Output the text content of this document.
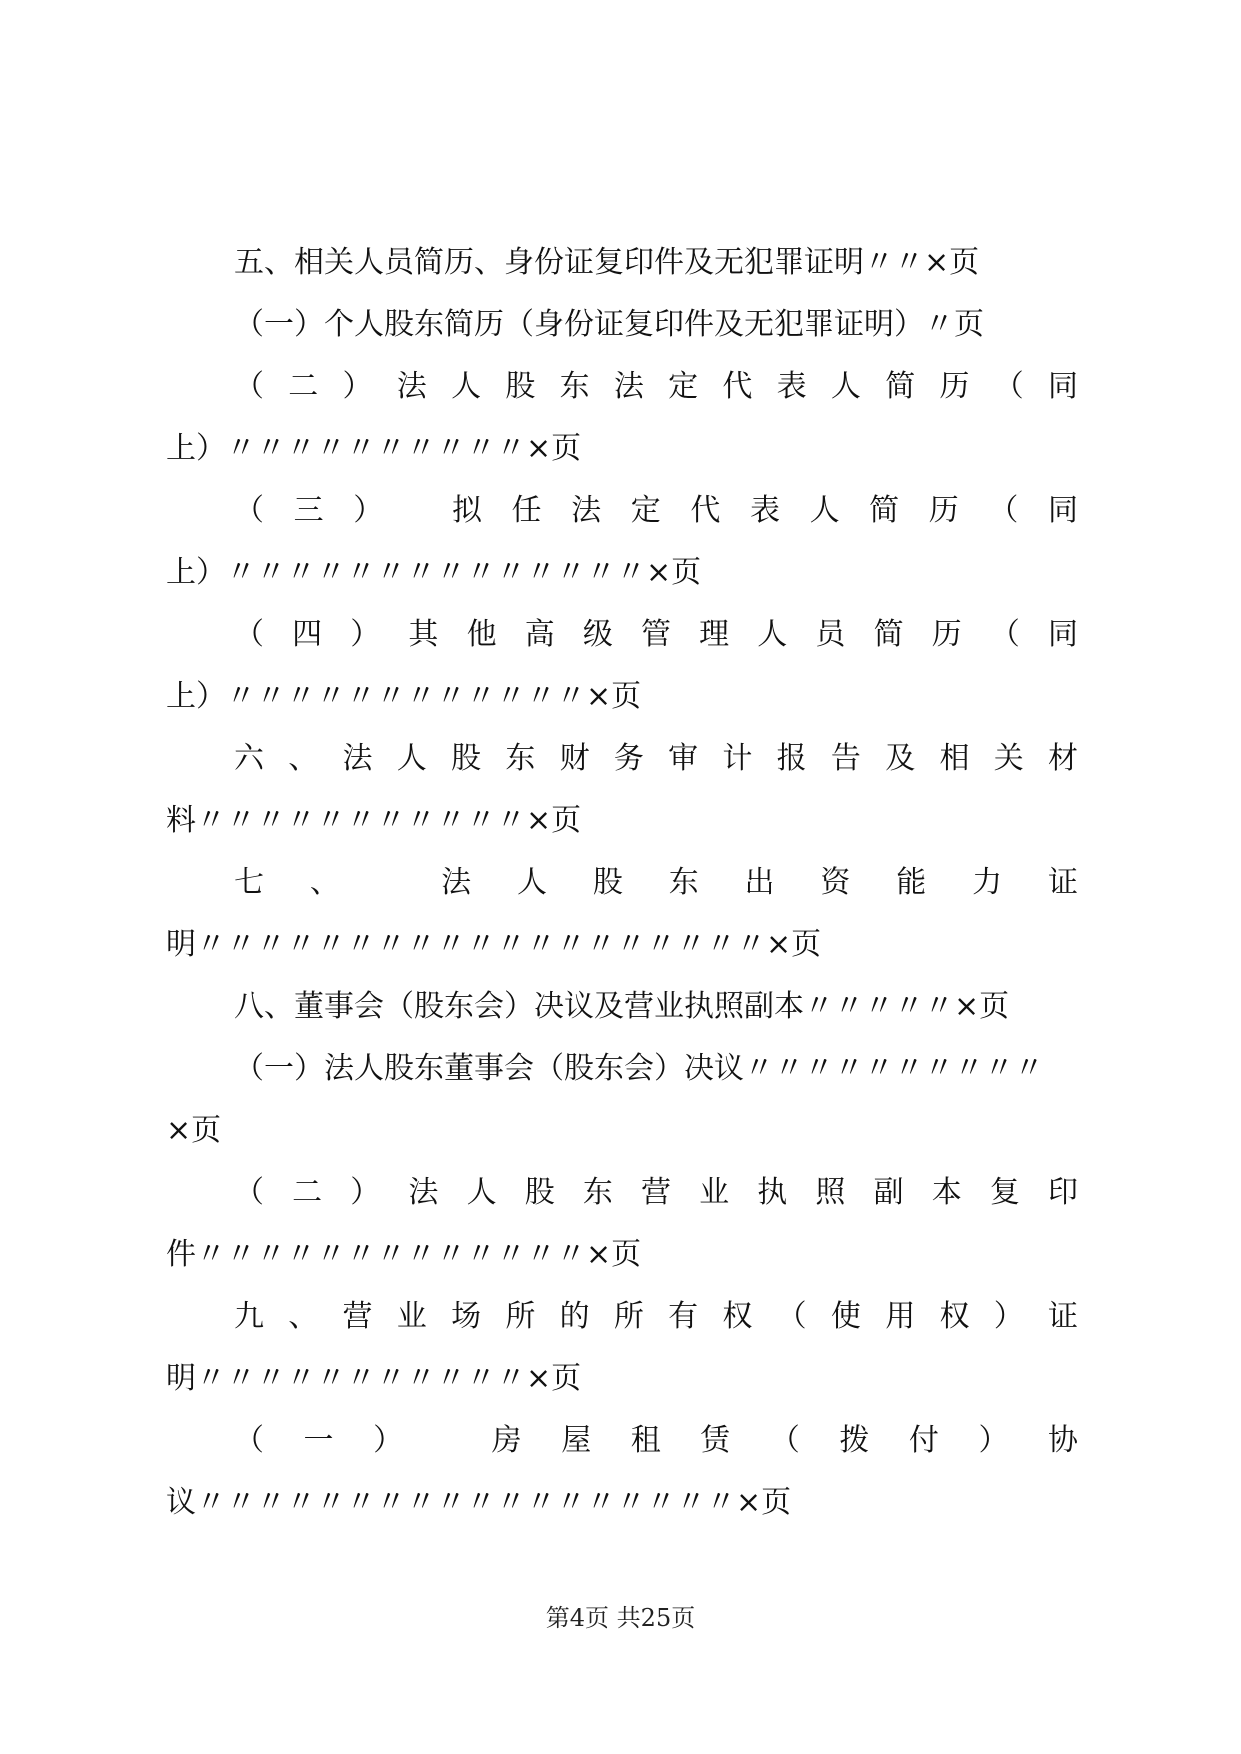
五、相关人员简历、身份证复印件及无犯罪证明〃〃×页
（一）个人股东简历（身份证复印件及无犯罪证明）〃页
（二）法人股东法定代表人简历（同
上）〃〃〃〃〃〃〃〃〃〃×页
（三） 拟任法定代表人简历（同
上）〃〃〃〃〃〃〃〃〃〃〃〃〃〃×页
（四）其他高级管理人员简历（同
上）〃〃〃〃〃〃〃〃〃〃〃〃×页
六、法人股东财务审计报告及相关材
料〃〃〃〃〃〃〃〃〃〃〃×页
七、 法人股东出资能力证
明〃〃〃〃〃〃〃〃〃〃〃〃〃〃〃〃〃〃〃×页
八、董事会（股东会）决议及营业执照副本〃〃〃〃〃×页
（一）法人股东董事会（股东会）决议〃〃〃〃〃〃〃〃〃〃
×页
（二）法人股东营业执照副本复印
件〃〃〃〃〃〃〃〃〃〃〃〃〃×页
九、营业场所的所有权（使用权）证
明〃〃〃〃〃〃〃〃〃〃〃×页
（一） 房屋租赁（拨付）协
议〃〃〃〃〃〃〃〃〃〃〃〃〃〃〃〃〃〃×页
第4页 共25页
